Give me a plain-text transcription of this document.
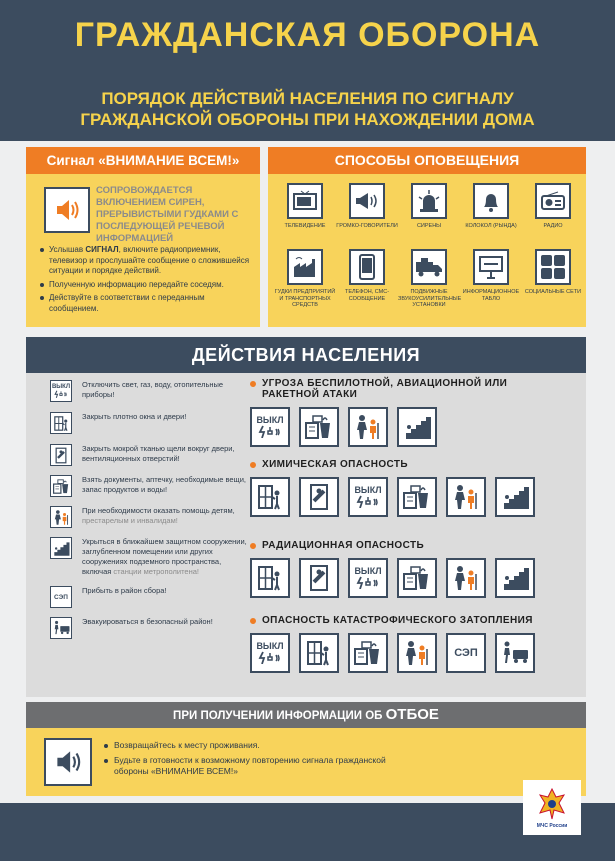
ГРАЖДАНСКАЯ ОБОРОНА
ПОРЯДОК ДЕЙСТВИЙ НАСЕЛЕНИЯ ПО СИГНАЛУ
ГРАЖДАНСКОЙ ОБОРОНЫ ПРИ НАХОЖДЕНИИ ДОМА
Сигнал «ВНИМАНИЕ ВСЕМ!»
СОПРОВОЖДАЕТСЯ ВКЛЮЧЕНИЕМ СИРЕН, ПРЕРЫВИСТЫМИ ГУДКАМИ С ПОСЛЕДУЮЩЕЙ РЕЧЕВОЙ ИНФОРМАЦИЕЙ
Услышав СИГНАЛ, включите радиоприемник, телевизор и прослушайте сообщение о сложившейся ситуации и порядке действий.
Полученную информацию передайте соседям.
Действуйте в соответствии с переданным сообщением.
СПОСОБЫ ОПОВЕЩЕНИЯ
ТЕЛЕВИДЕНИЕ	ГРОМКО-ГОВОРИТЕЛИ	СИРЕНЫ	КОЛОКОЛ (РЫНДА)	РАДИО
ГУДКИ ПРЕДПРИЯТИЙ И ТРАНСПОРТНЫХ СРЕДСТВ
ТЕЛЕФОН, СМС-СООБЩЕНИЕ
ПОДВИЖНЫЕ ЗВУКОУСИЛИТЕЛЬНЫЕ УСТАНОВКИ
ИНФОРМАЦИОННОЕ ТАБЛО
СОЦИАЛЬНЫЕ СЕТИ
ДЕЙСТВИЯ НАСЕЛЕНИЯ
ВЫКЛ Отключить свет, газ, воду, отопительные приборы!
Закрыть плотно окна и двери!
Закрыть мокрой тканью щели вокруг двери, вентиляционных отверстий!
Взять документы, аптечку, необходимые вещи, запас продуктов и воды!
При необходимости оказать помощь детям, престарелым и инвалидам!
Укрыться в ближайшем защитном сооружении, заглубленном помещении или других сооружениях подземного пространства, включая станции метрополитена!
СЭП
Прибыть в район сбора!
Эвакуироваться в безопасный район!
УГРОЗА БЕСПИЛОТНОЙ, АВИАЦИОННОЙ ИЛИ РАКЕТНОЙ АТАКИ
ВЫКЛ
ХИМИЧЕСКАЯ ОПАСНОСТЬ
ВЫКЛ
РАДИАЦИОННАЯ ОПАСНОСТЬ
ВЫКЛ
ОПАСНОСТЬ КАТАСТРОФИЧЕСКОГО ЗАТОПЛЕНИЯ
ВЫКЛ
СЭП
ПРИ ПОЛУЧЕНИИ ИНФОРМАЦИИ ОБ ОТБОЕ
Возвращайтесь к месту проживания.
Будьте в готовности к возможному повторению сигнала гражданской обороны «ВНИМАНИЕ ВСЕМ!»
МЧС России
